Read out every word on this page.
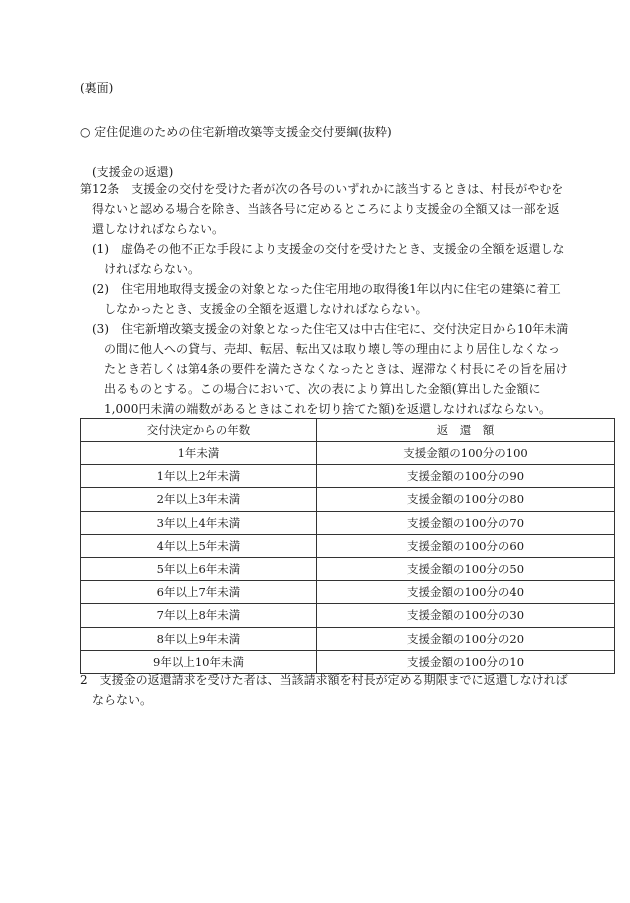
(裏面)
○ 定住促進のための住宅新増改築等支援金交付要綱(抜粋)
(支援金の返還)
第12条　支援金の交付を受けた者が次の各号のいずれかに該当するときは、村長がやむを
得ないと認める場合を除き、当該各号に定めるところにより支援金の全額又は一部を返
還しなければならない。
(1)　虚偽その他不正な手段により支援金の交付を受けたとき、支援金の全額を返還しな
ければならない。
(2)　住宅用地取得支援金の対象となった住宅用地の取得後1年以内に住宅の建築に着工
しなかったとき、支援金の全額を返還しなければならない。
(3)　住宅新増改築支援金の対象となった住宅又は中古住宅に、交付決定日から10年未満
の間に他人への貸与、売却、転居、転出又は取り壊し等の理由により居住しなくなっ
たとき若しくは第4条の要件を満たさなくなったときは、遅滞なく村長にその旨を届け
出るものとする。この場合において、次の表により算出した金額(算出した金額に
1,000円未満の端数があるときはこれを切り捨てた額)を返還しなければならない。
交付決定からの年数	返　還　額
1年未満	支援金額の100分の100
1年以上2年未満	支援金額の100分の90
2年以上3年未満	支援金額の100分の80
3年以上4年未満	支援金額の100分の70
4年以上5年未満	支援金額の100分の60
5年以上6年未満	支援金額の100分の50
6年以上7年未満	支援金額の100分の40
7年以上8年未満	支援金額の100分の30
8年以上9年未満	支援金額の100分の20
9年以上10年未満	支援金額の100分の10
2　支援金の返還請求を受けた者は、当該請求額を村長が定める期限までに返還しなければ
ならない。
